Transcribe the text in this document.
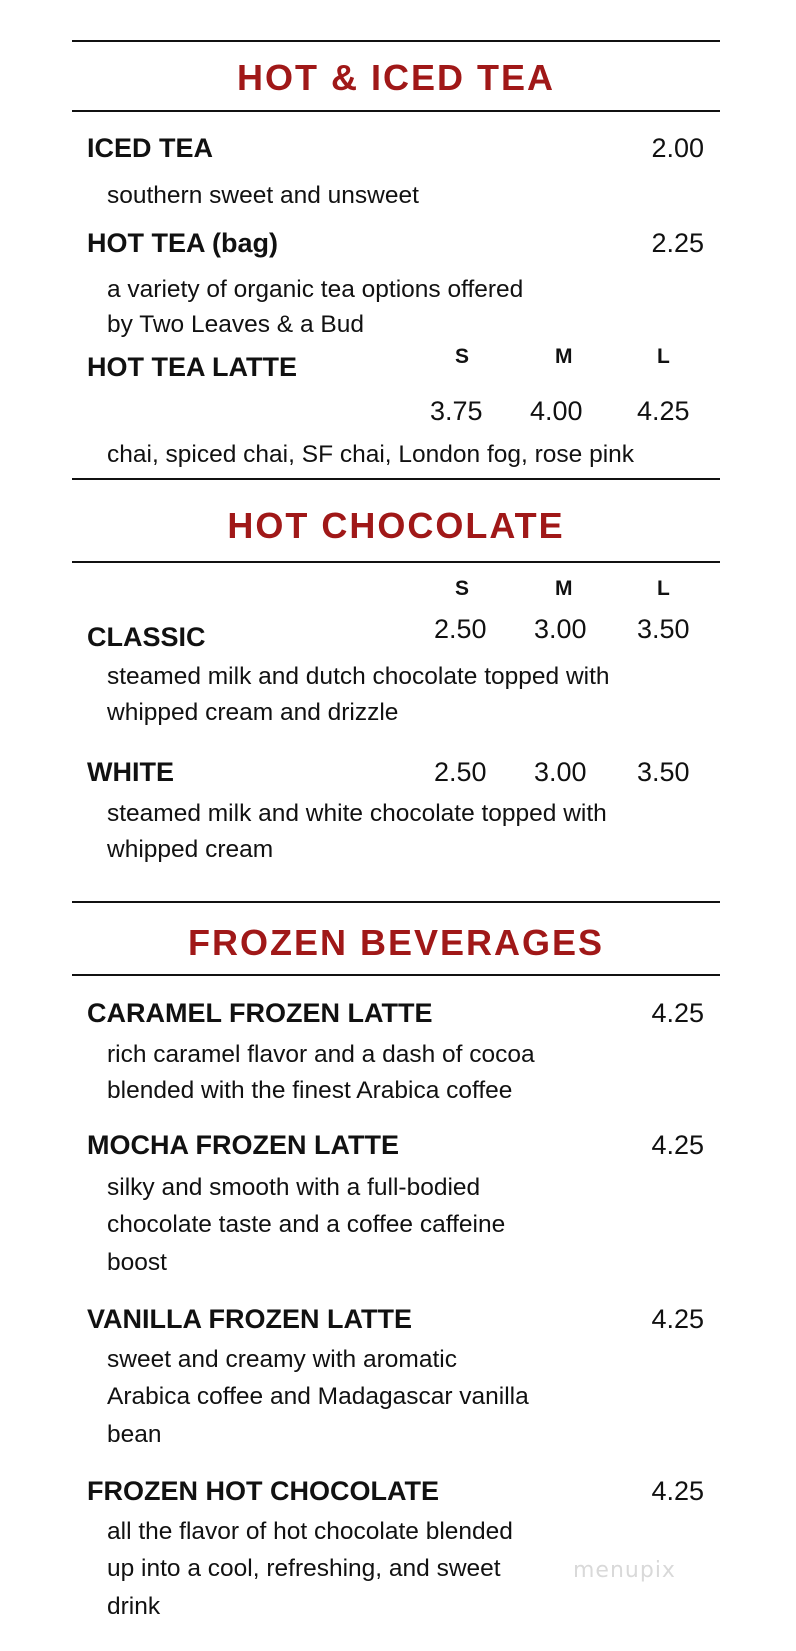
HOT & ICED TEA
ICED TEA	2.00
southern sweet and unsweet
HOT TEA (bag)	2.25
a variety of organic tea options offered
by Two Leaves & a Bud
HOT TEA LATTE	S	M	L
3.75 4.00 4.25
chai, spiced chai, SF chai, London fog, rose pink
HOT CHOCOLATE
S	M	L
CLASSIC	2.50 3.00 3.50
steamed milk and dutch chocolate topped with
whipped cream and drizzle
WHITE	2.50 3.00 3.50
steamed milk and white chocolate topped with
whipped cream
FROZEN BEVERAGES
CARAMEL FROZEN LATTE	4.25
rich caramel flavor and a dash of cocoa
blended with the finest Arabica coffee
MOCHA FROZEN LATTE	4.25
silky and smooth with a full-bodied
chocolate taste and a coffee caffeine
boost
VANILLA FROZEN LATTE	4.25
sweet and creamy with aromatic
Arabica coffee and Madagascar vanilla
bean
FROZEN HOT CHOCOLATE	4.25
all the flavor of hot chocolate blended
up into a cool, refreshing, and sweet
drink
menupix
